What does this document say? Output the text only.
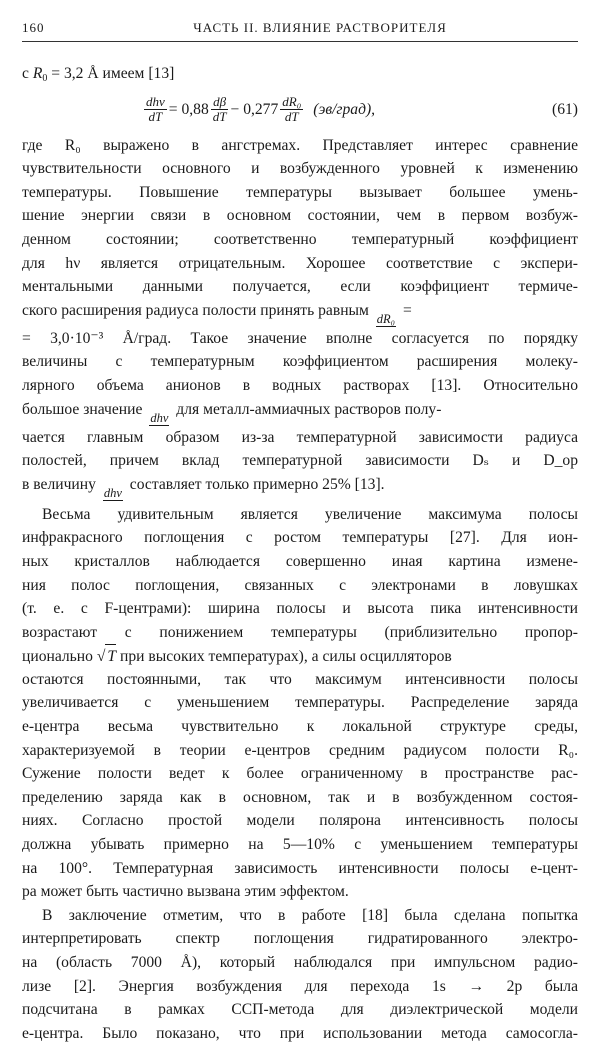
160	ЧАСТЬ II. ВЛИЯНИЕ РАСТВОРИТЕЛЯ
с $R_0 = 3,2$ Å имеем [13]
$\frac{\text{dhν}}{dT} = 0,88 \frac{d\beta}{dT} - 0,277 \frac{\text{dR₀}}{dT}$ (эв/град),	(61)
где R₀ выражено в ангстремах. Представляет интерес сравнение
чувствительности основного и возбужденного уровней к изменению
температуры. Повышение температуры вызывает большее умень-
шение энергии связи в основном состоянии, чем в первом возбуж-
денном состоянии; соответственно температурный коэффициент
для hν является отрицательным. Хорошее соответствие с экспери-
ментальными данными получается, если коэффициент термиче-
ского расширения радиуса полости принять равным dR₀ =
= 3,0·10⁻³ Å/град. Такое значение вполне согласуется по порядку
величины с температурным коэффициентом расширения молеку-
лярного объема анионов в водных растворах [13]. Относительно
большое значение dhν для металл-аммиачных растворов полу-
чается главным образом из-за температурной зависимости радиуса
полостей, причем вклад температурной зависимости Dₛ и D_op
в величину dhν составляет только примерно 25% [13].
Весьма удивительным является увеличение максимума полосы
инфракрасного поглощения с ростом температуры [27]. Для ион-
ных кристаллов наблюдается совершенно иная картина измене-
ния полос поглощения, связанных с электронами в ловушках
(т. е. с F-центрами): ширина полосы и высота пика интенсивности
возрастают с понижением температуры (приблизительно пропор-
ционально √ T при высоких температурах), а силы осцилляторов
остаются постоянными, так что максимум интенсивности полосы
увеличивается с уменьшением температуры. Распределение заряда
e-центра весьма чувствительно к локальной структуре среды,
характеризуемой в теории e-центров средним радиусом полости R₀.
Сужение полости ведет к более ограниченному в пространстве рас-
пределению заряда как в основном, так и в возбужденном состоя-
ниях. Согласно простой модели полярона интенсивность полосы
должна убывать примерно на 5—10% с уменьшением температуры
на 100°. Температурная зависимость интенсивности полосы e-цент-
ра может быть частично вызвана этим эффектом.
В заключение отметим, что в работе [18] была сделана попытка
интерпретировать спектр поглощения гидратированного электро-
на (область 7000 Å), который наблюдался при импульсном радио-
лизе [2]. Энергия возбуждения для перехода 1s → 2p была
подсчитана в рамках ССП-метода для диэлектрической модели
e-центра. Было показано, что при использовании метода самосогла-
